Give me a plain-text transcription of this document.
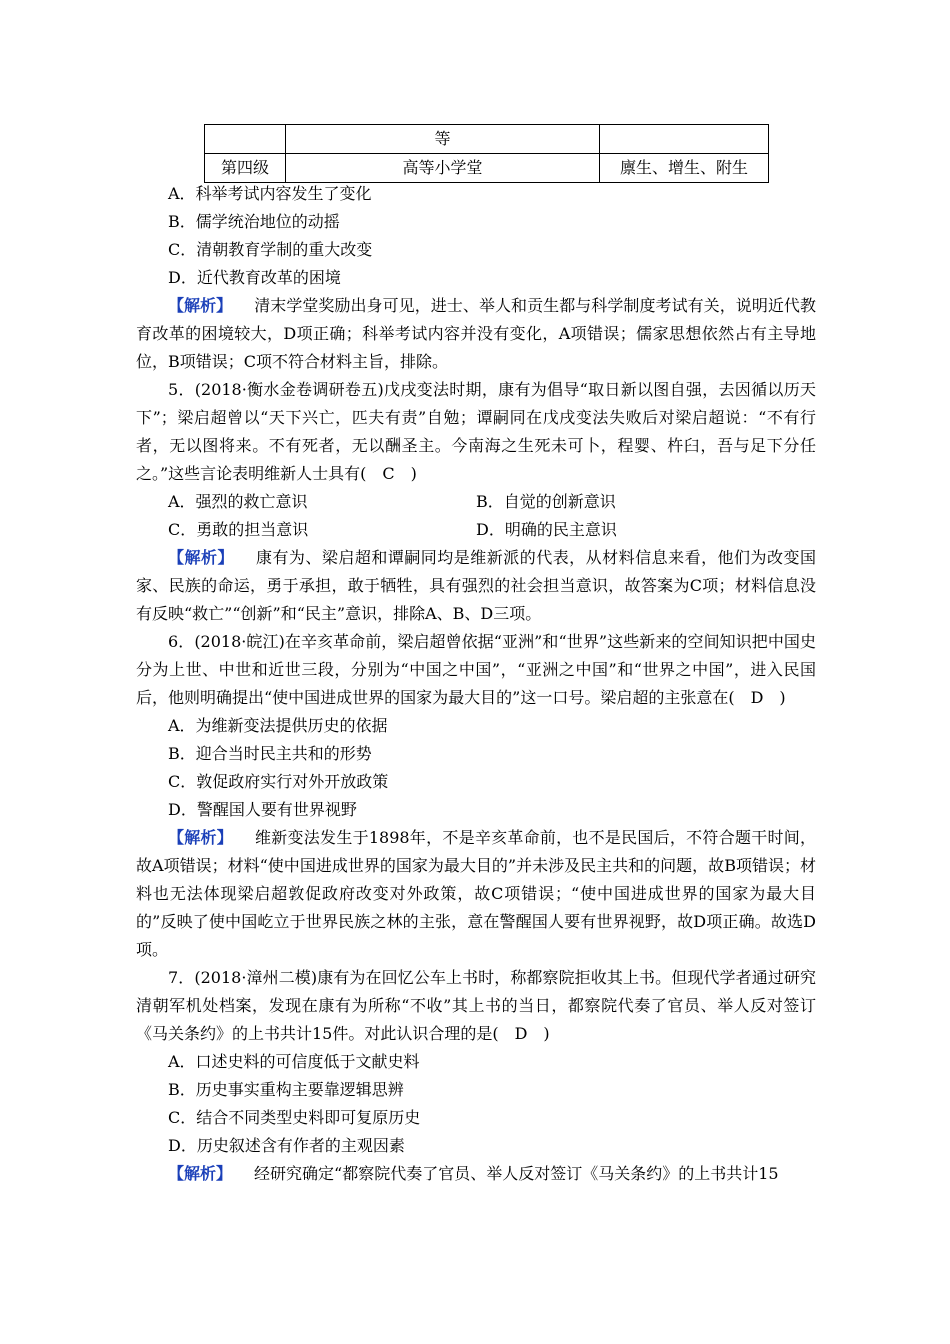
	等	
第四级	高等小学堂	廪生、增生、附生

A．科举考试内容发生了变化

B．儒学统治地位的动摇

C．清朝教育学制的重大改变

D．近代教育改革的困境

【解析】 清末学堂奖励出身可见，进士、举人和贡生都与科学制度考试有关，说明近代教育改革的困境较大，D项正确；科举考试内容并没有变化，A项错误；儒家思想依然占有主导地位，B项错误；C项不符合材料主旨，排除。

5．(2018·衡水金卷调研卷五)戊戌变法时期，康有为倡导“取日新以图自强，去因循以历天下”；梁启超曾以“天下兴亡，匹夫有责”自勉；谭嗣同在戊戌变法失败后对梁启超说：“不有行者，无以图将来。不有死者，无以酬圣主。今南海之生死未可卜，程婴、杵臼，吾与足下分任之。”这些言论表明维新人士具有(　C　)

A．强烈的救亡意识	B．自觉的创新意识
C．勇敢的担当意识	D．明确的民主意识

【解析】 康有为、梁启超和谭嗣同均是维新派的代表，从材料信息来看，他们为改变国家、民族的命运，勇于承担，敢于牺牲，具有强烈的社会担当意识，故答案为C项；材料信息没有反映“救亡”“创新”和“民主”意识，排除A、B、D三项。

6．(2018·皖江)在辛亥革命前，梁启超曾依据“亚洲”和“世界”这些新来的空间知识把中国史分为上世、中世和近世三段，分别为“中国之中国”，“亚洲之中国”和“世界之中国”，进入民国后，他则明确提出“使中国进成世界的国家为最大目的”这一口号。梁启超的主张意在(　D　)

A．为维新变法提供历史的依据

B．迎合当时民主共和的形势

C．敦促政府实行对外开放政策

D．警醒国人要有世界视野

【解析】 维新变法发生于1898年，不是辛亥革命前，也不是民国后，不符合题干时间，故A项错误；材料“使中国进成世界的国家为最大目的”并未涉及民主共和的问题，故B项错误；材料也无法体现梁启超敦促政府改变对外政策，故C项错误；“使中国进成世界的国家为最大目的”反映了使中国屹立于世界民族之林的主张，意在警醒国人要有世界视野，故D项正确。故选D项。

7．(2018·漳州二模)康有为在回忆公车上书时，称都察院拒收其上书。但现代学者通过研究清朝军机处档案，发现在康有为所称“不收”其上书的当日，都察院代奏了官员、举人反对签订《马关条约》的上书共计15件。对此认识合理的是(　D　)

A．口述史料的可信度低于文献史料

B．历史事实重构主要靠逻辑思辨

C．结合不同类型史料即可复原历史

D．历史叙述含有作者的主观因素

【解析】 经研究确定“都察院代奏了官员、举人反对签订《马关条约》的上书共计15
